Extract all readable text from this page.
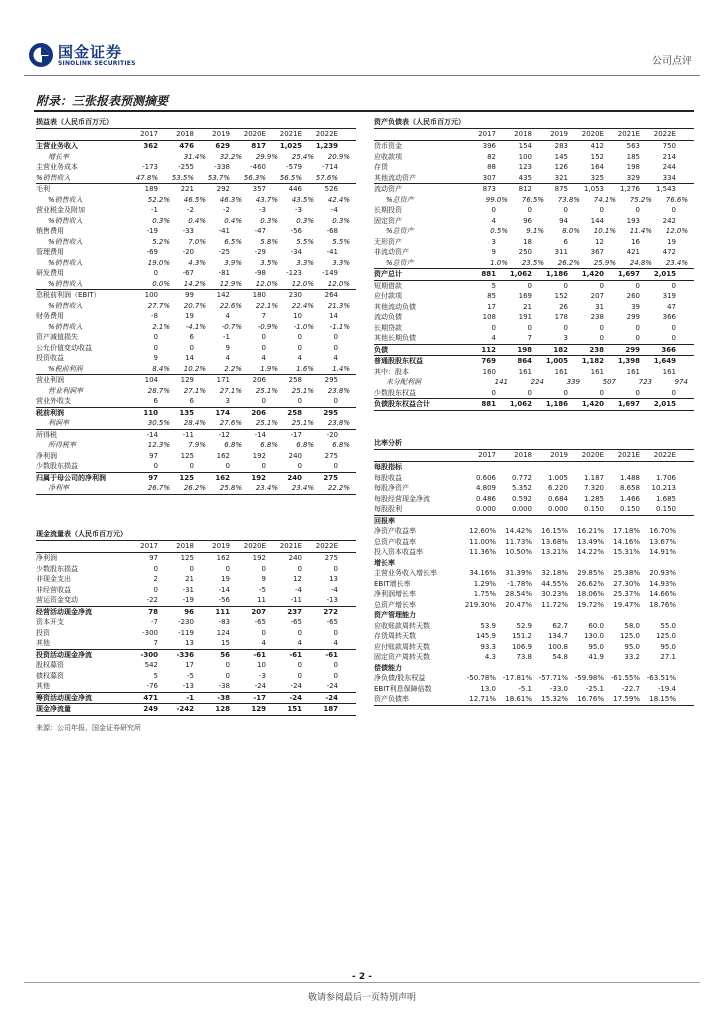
国金证券
SINOLINK SECURITIES	公司点评
附录：三张报表预测摘要
损益表（人民币百万元）
2017	2018	2019	2020E	2021E	2022E
主营业务收入	362	476	629	817	1,025	1,239
增长率	31.4%	32.2%	29.9%	25.4%	20.9%
主营业务成本	-173	-255	-338	-460	-579	-714
%销售收入	47.8%	53.5%	53.7%	56.3%	56.5%	57.6%
毛利	189	221	292	357	446	526
%销售收入	52.2%	46.5%	46.3%	43.7%	43.5%	42.4%
营业税金及附加	-1	-2	-2	-3	-3	-4
%销售收入	0.3%	0.4%	0.4%	0.3%	0.3%	0.3%
销售费用	-19	-33	-41	-47	-56	-68
%销售收入	5.2%	7.0%	6.5%	5.8%	5.5%	5.5%
管理费用	-69	-20	-25	-29	-34	-41
%销售收入	19.0%	4.3%	3.9%	3.5%	3.3%	3.3%
研发费用	0	-67	-81	-98	-123	-149
%销售收入	0.0%	14.2%	12.9%	12.0%	12.0%	12.0%
息税前利润（EBIT）	100	99	142	180	230	264
%销售收入	27.7%	20.7%	22.6%	22.1%	22.4%	21.3%
财务费用	-8	19	4	7	10	14
%销售收入	2.1%	-4.1%	-0.7%	-0.9%	-1.0%	-1.1%
资产减值损失	0	6	-1	0	0	0
公允价值变动收益	0	0	9	0	0	0
投资收益	9	14	4	4	4	4
%税前利润	8.4%	10.2%	2.2%	1.9%	1.6%	1.4%
营业利润	104	129	171	206	258	295
营业利润率	28.7%	27.1%	27.1%	25.1%	25.1%	23.8%
营业外收支	6	6	3	0	0	0
税前利润	110	135	174	206	258	295
利润率	30.5%	28.4%	27.6%	25.1%	25.1%	23.8%
所得税	-14	-11	-12	-14	-17	-20
所得税率	12.3%	7.9%	6.8%	6.8%	6.8%	6.8%
净利润	97	125	162	192	240	275
少数股东损益	0	0	0	0	0	0
归属于母公司的净利润	97	125	162	192	240	275
净利率	26.7%	26.2%	25.8%	23.4%	23.4%	22.2%
资产负债表（人民币百万元）
2017	2018	2019	2020E	2021E	2022E
货币资金	396	154	283	412	563	750
应收款项	82	100	145	152	185	214
存货	88	123	126	164	198	244
其他流动资产	307	435	321	325	329	334
流动资产	873	812	875	1,053	1,276	1,543
%总资产	99.0%	76.5%	73.8%	74.1%	75.2%	76.6%
长期投资	0	0	0	0	0	0
固定资产	4	96	94	144	193	242
%总资产	0.5%	9.1%	8.0%	10.1%	11.4%	12.0%
无形资产	3	18	6	12	16	19
非流动资产	9	250	311	367	421	472
%总资产	1.0%	23.5%	26.2%	25.9%	24.8%	23.4%
资产总计	881	1,062	1,186	1,420	1,697	2,015
短期借款	5	0	0	0	0	0
应付款项	85	169	152	207	260	319
其他流动负债	17	21	26	31	39	47
流动负债	108	191	178	238	299	366
长期贷款	0	0	0	0	0	0
其他长期负债	4	7	3	0	0	0
负债	112	198	182	238	299	366
普通股股东权益	769	864	1,005	1,182	1,398	1,649
其中：股本	160	161	161	161	161	161
未分配利润	141	224	339	507	723	974
少数股东权益	0	0	0	0	0	0
负债股东权益合计	881	1,062	1,186	1,420	1,697	2,015
比率分析
2017	2018	2019	2020E	2021E	2022E
每股指标
每股收益	0.606	0.772	1.005	1.187	1.488	1.706
每股净资产	4.809	5.352	6.220	7.320	8.658	10.213
每股经营现金净流	0.486	0.592	0.684	1.285	1.466	1.685
每股股利	0.000	0.000	0.000	0.150	0.150	0.150
回报率
净资产收益率	12.60%	14.42%	16.15%	16.21%	17.18%	16.70%
总资产收益率	11.00%	11.73%	13.68%	13.49%	14.16%	13.67%
投入资本收益率	11.36%	10.50%	13.21%	14.22%	15.31%	14.91%
增长率
主营业务收入增长率	34.16%	31.39%	32.18%	29.85%	25.38%	20.93%
EBIT增长率	1.29%	-1.78%	44.55%	26.62%	27.30%	14.93%
净利润增长率	1.75%	28.54%	30.23%	18.06%	25.37%	14.66%
总资产增长率	219.30%	20.47%	11.72%	19.72%	19.47%	18.76%
资产管理能力
应收账款周转天数	53.9	52.9	62.7	60.0	58.0	55.0
存货周转天数	145.9	151.2	134.7	130.0	125.0	125.0
应付账款周转天数	93.3	106.9	100.8	95.0	95.0	95.0
固定资产周转天数	4.3	73.8	54.8	41.9	33.2	27.1
偿债能力
净负债/股东权益	-50.78% -17.81% -57.71% -59.98% -61.55% -63.51%
EBIT利息保障倍数	13.0	-5.1	-33.0	-25.1	-22.7	-19.4
资产负债率	12.71%	18.61%	15.32%	16.76%	17.59%	18.15%
现金流量表（人民币百万元）
2017	2018	2019	2020E	2021E	2022E
净利润	97	125	162	192	240	275
少数股东损益	0	0	0	0	0	0
非现金支出	2	21	19	9	12	13
非经营收益	0	-31	-14	-5	-4	-4
营运资金变动	-22	-19	-56	11	-11	-13
经营活动现金净流	78	96	111	207	237	272
资本开支	-7	-230	-83	-65	-65	-65
投资	-300	-119	124	0	0	0
其他	7	13	15	4	4	4
投资活动现金净流	-300	-336	56	-61	-61	-61
股权募资	542	17	0	10	0	0
债权募资	5	-5	0	-3	0	0
其他	-76	-13	-38	-24	-24	-24
筹资活动现金净流	471	-1	-38	-17	-24	-24
现金净流量	249	-242	128	129	151	187
来源：公司年报、国金证券研究所
- 2 -
敬请参阅最后一页特别声明
